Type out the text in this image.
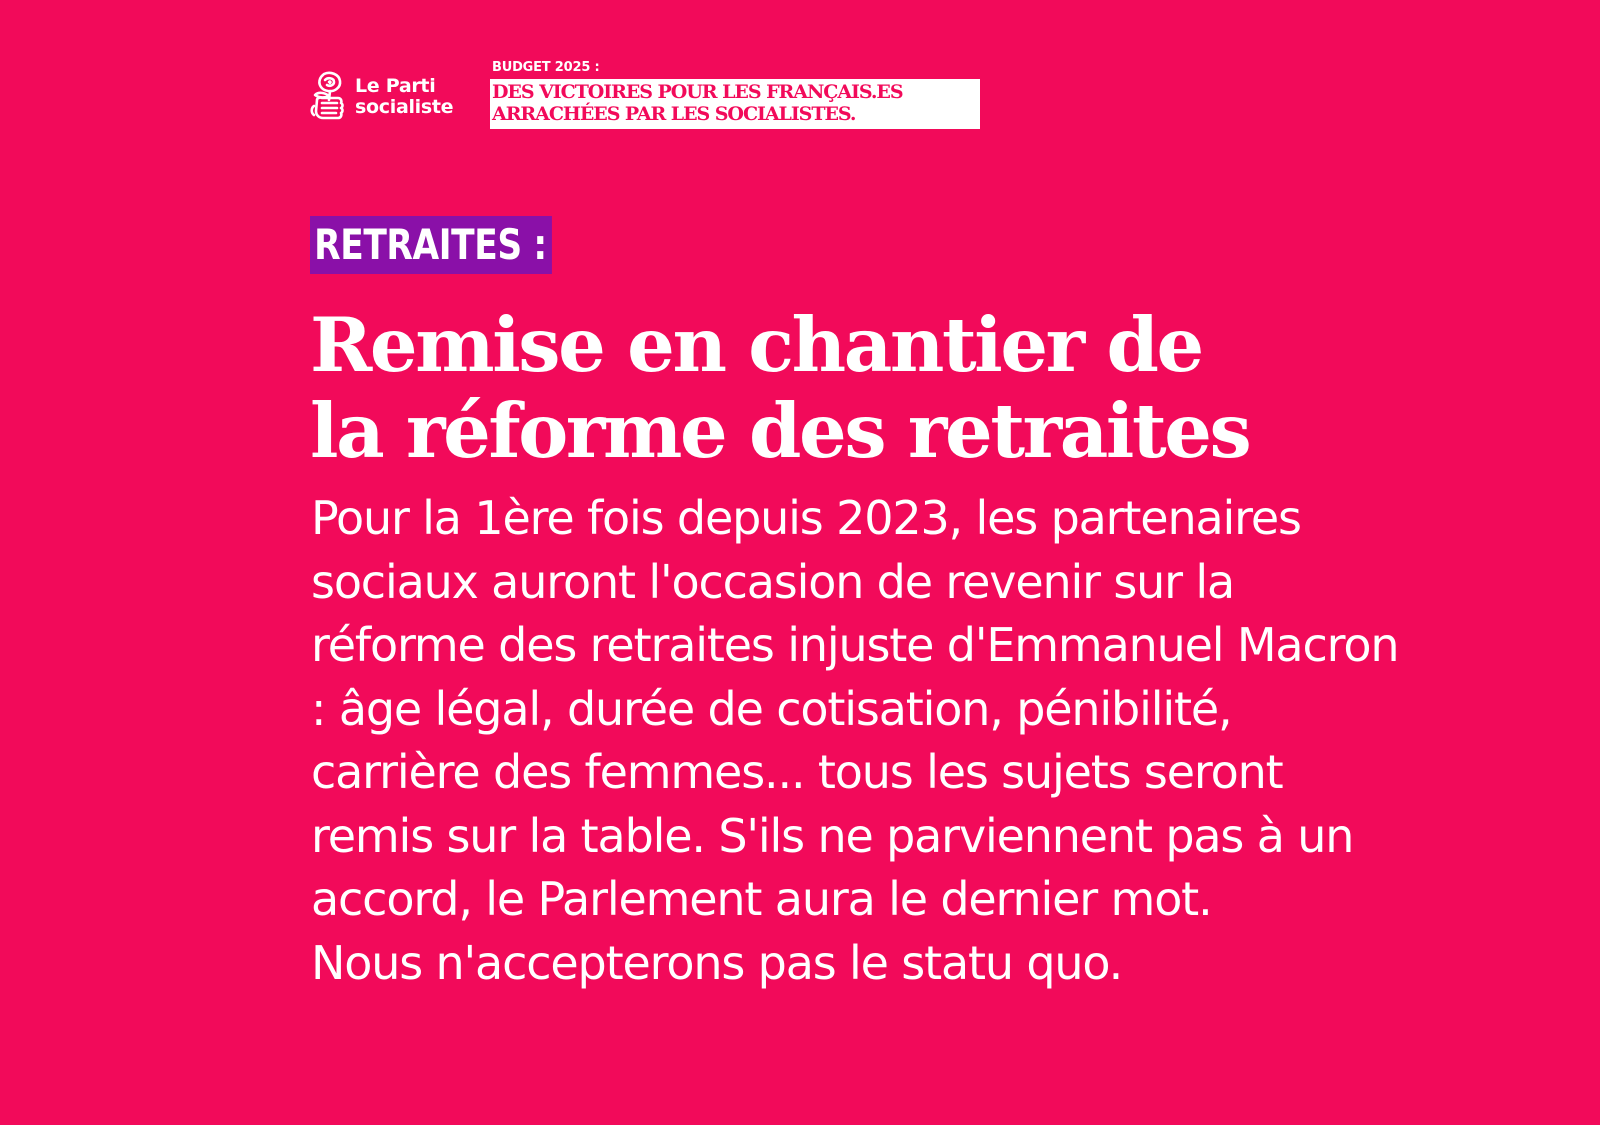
Le Parti
socialiste
BUDGET 2025 :
DES VICTOIRES POUR LES FRANÇAIS.ES
ARRACHÉES PAR LES SOCIALISTES.
RETRAITES :
Remise en chantier de
la réforme des retraites
Pour la 1ère fois depuis 2023, les partenaires
sociaux auront l'occasion de revenir sur la
réforme des retraites injuste d'Emmanuel Macron
: âge légal, durée de cotisation, pénibilité,
carrière des femmes... tous les sujets seront
remis sur la table. S'ils ne parviennent pas à un
accord, le Parlement aura le dernier mot.
Nous n'accepterons pas le statu quo.
